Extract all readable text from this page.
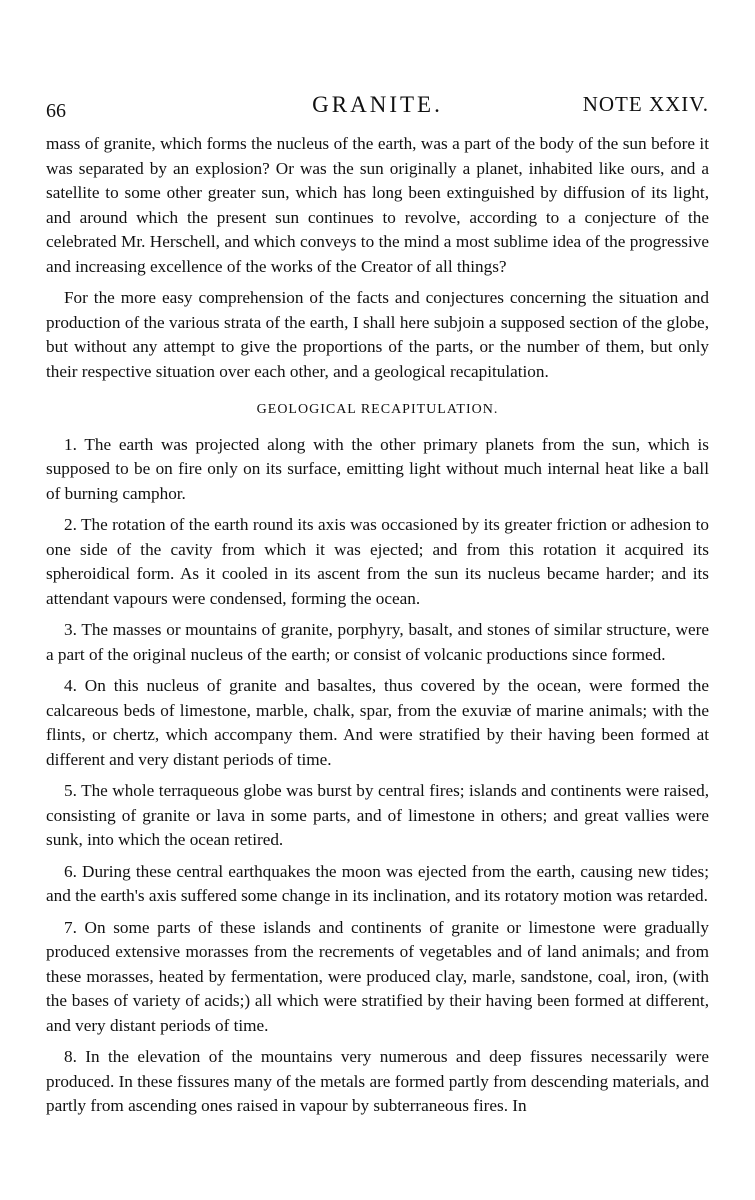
66	GRANITE.	NOTE XXIV.

mass of granite, which forms the nucleus of the earth, was a part of the body of the sun before it was separated by an explosion? Or was the sun originally a planet, inhabited like ours, and a satellite to some other greater sun, which has long been extinguished by diffusion of its light, and around which the present sun continues to revolve, according to a conjecture of the celebrated Mr. Herschell, and which conveys to the mind a most sublime idea of the progressive and increasing excellence of the works of the Creator of all things?

For the more easy comprehension of the facts and conjectures concerning the situation and production of the various strata of the earth, I shall here subjoin a supposed section of the globe, but without any attempt to give the proportions of the parts, or the number of them, but only their respective situation over each other, and a geological recapitulation.

GEOLOGICAL RECAPITULATION.

1. The earth was projected along with the other primary planets from the sun, which is supposed to be on fire only on its surface, emitting light without much internal heat like a ball of burning camphor.

2. The rotation of the earth round its axis was occasioned by its greater friction or adhesion to one side of the cavity from which it was ejected; and from this rotation it acquired its spheroidical form. As it cooled in its ascent from the sun its nucleus became harder; and its attendant vapours were condensed, forming the ocean.

3. The masses or mountains of granite, porphyry, basalt, and stones of similar structure, were a part of the original nucleus of the earth; or consist of volcanic productions since formed.

4. On this nucleus of granite and basaltes, thus covered by the ocean, were formed the calcareous beds of limestone, marble, chalk, spar, from the exuviæ of marine animals; with the flints, or chertz, which accompany them. And were stratified by their having been formed at different and very distant periods of time.

5. The whole terraqueous globe was burst by central fires; islands and continents were raised, consisting of granite or lava in some parts, and of limestone in others; and great vallies were sunk, into which the ocean retired.

6. During these central earthquakes the moon was ejected from the earth, causing new tides; and the earth's axis suffered some change in its inclination, and its rotatory motion was retarded.

7. On some parts of these islands and continents of granite or limestone were gradually produced extensive morasses from the recrements of vegetables and of land animals; and from these morasses, heated by fermentation, were produced clay, marle, sandstone, coal, iron, (with the bases of variety of acids;) all which were stratified by their having been formed at different, and very distant periods of time.

8. In the elevation of the mountains very numerous and deep fissures necessarily were produced. In these fissures many of the metals are formed partly from descending materials, and partly from ascending ones raised in vapour by subterraneous fires. In
